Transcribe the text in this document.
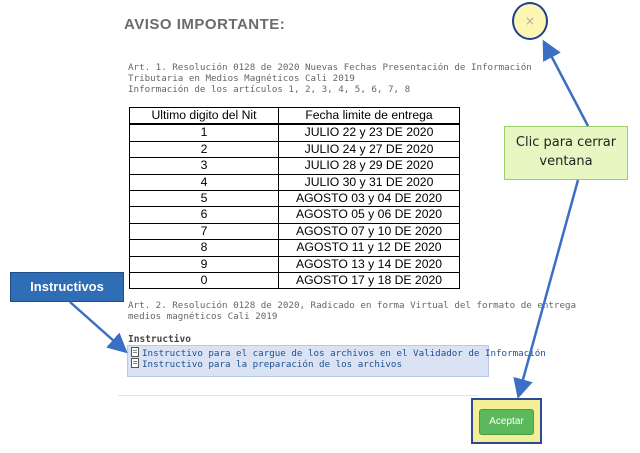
AVISO IMPORTANTE:	×
Art. 1. Resolución 0128 de 2020 Nuevas Fechas Presentación de Información
Tributaria en Medios Magnéticos Cali 2019
Información de los artículos 1, 2, 3, 4, 5, 6, 7, 8
Ultimo digito del Nit	Fecha limite de entrega
1	JULIO 22 y 23 DE 2020
2	JULIO 24 y 27 DE 2020
3	JULIO 28 y 29 DE 2020
4	JULIO 30 y 31 DE 2020
5	AGOSTO 03 y 04 DE 2020
6	AGOSTO 05 y 06 DE 2020
7	AGOSTO 07 y 10 DE 2020
8	AGOSTO 11 y 12 DE 2020
9	AGOSTO 13 y 14 DE 2020
0	AGOSTO 17 y 18 DE 2020
Art. 2. Resolución 0128 de 2020, Radicado en forma Virtual del formato de entrega
medios magnéticos Cali 2019
Instructivo
Instructivo para el cargue de los archivos en el Validador de Información
Instructivo para la preparación de los archivos
Aceptar
Clic para cerrar
ventana
Instructivos
